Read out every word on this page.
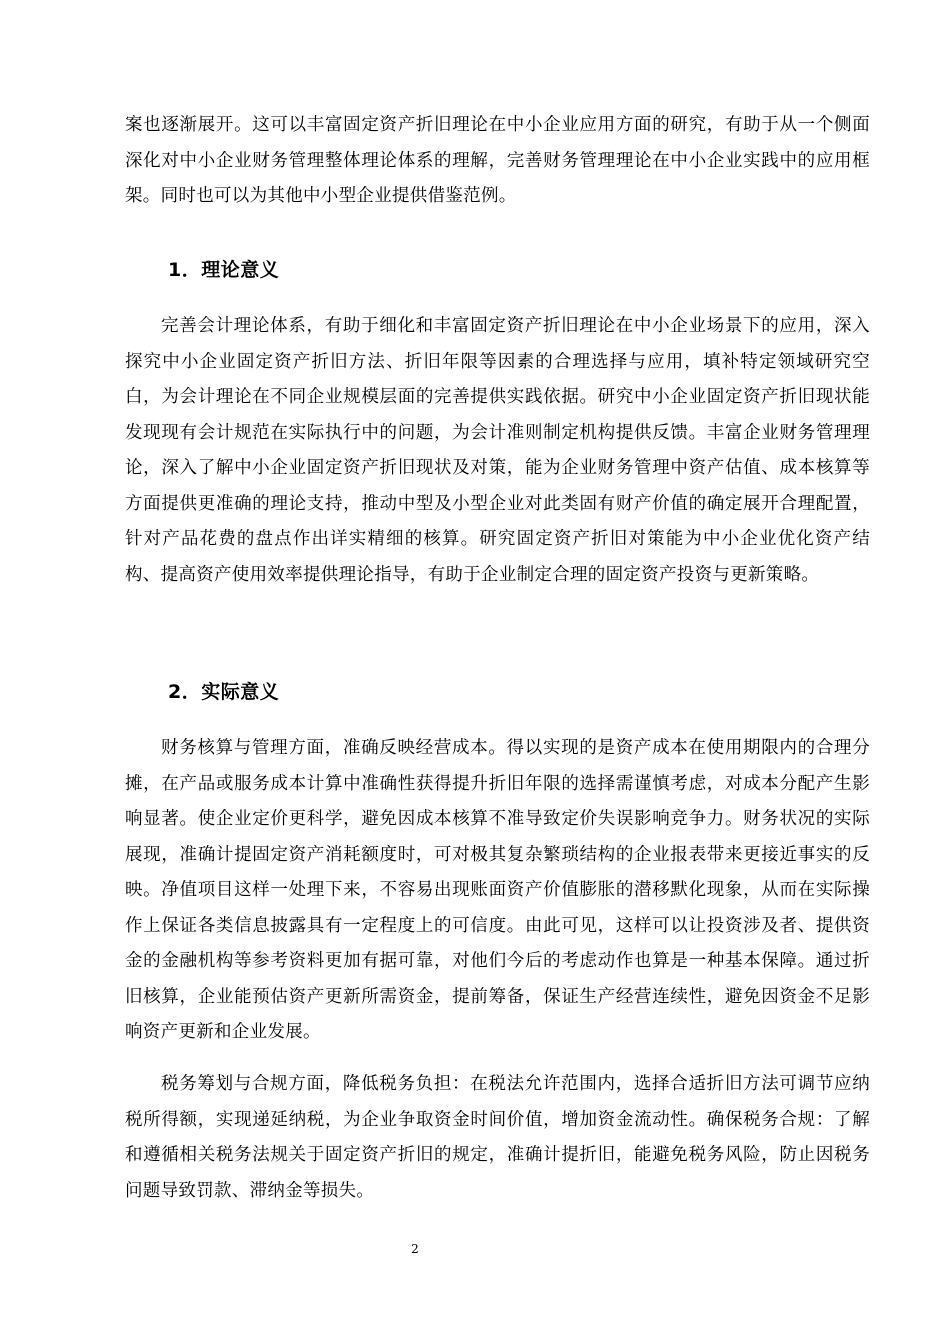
案也逐渐展开。这可以丰富固定资产折旧理论在中小企业应用方面的研究，有助于从一个侧面深化对中小企业财务管理整体理论体系的理解，完善财务管理理论在中小企业实践中的应用框架。同时也可以为其他中小型企业提供借鉴范例。

1．理论意义

完善会计理论体系，有助于细化和丰富固定资产折旧理论在中小企业场景下的应用，深入探究中小企业固定资产折旧方法、折旧年限等因素的合理选择与应用，填补特定领域研究空白，为会计理论在不同企业规模层面的完善提供实践依据。研究中小企业固定资产折旧现状能发现现有会计规范在实际执行中的问题，为会计准则制定机构提供反馈。丰富企业财务管理理论，深入了解中小企业固定资产折旧现状及对策，能为企业财务管理中资产估值、成本核算等方面提供更准确的理论支持，推动中型及小型企业对此类固有财产价值的确定展开合理配置，针对产品花费的盘点作出详实精细的核算。研究固定资产折旧对策能为中小企业优化资产结构、提高资产使用效率提供理论指导，有助于企业制定合理的固定资产投资与更新策略。

2．实际意义

财务核算与管理方面，准确反映经营成本。得以实现的是资产成本在使用期限内的合理分摊，在产品或服务成本计算中准确性获得提升折旧年限的选择需谨慎考虑，对成本分配产生影响显著。使企业定价更科学，避免因成本核算不准导致定价失误影响竞争力。财务状况的实际展现，准确计提固定资产消耗额度时，可对极其复杂繁琐结构的企业报表带来更接近事实的反映。净值项目这样一处理下来，不容易出现账面资产价值膨胀的潜移默化现象，从而在实际操作上保证各类信息披露具有一定程度上的可信度。由此可见，这样可以让投资涉及者、提供资金的金融机构等参考资料更加有据可靠，对他们今后的考虑动作也算是一种基本保障。通过折旧核算，企业能预估资产更新所需资金，提前筹备，保证生产经营连续性，避免因资金不足影响资产更新和企业发展。

税务筹划与合规方面，降低税务负担：在税法允许范围内，选择合适折旧方法可调节应纳税所得额，实现递延纳税，为企业争取资金时间价值，增加资金流动性。确保税务合规：了解和遵循相关税务法规关于固定资产折旧的规定，准确计提折旧，能避免税务风险，防止因税务问题导致罚款、滞纳金等损失。

2
